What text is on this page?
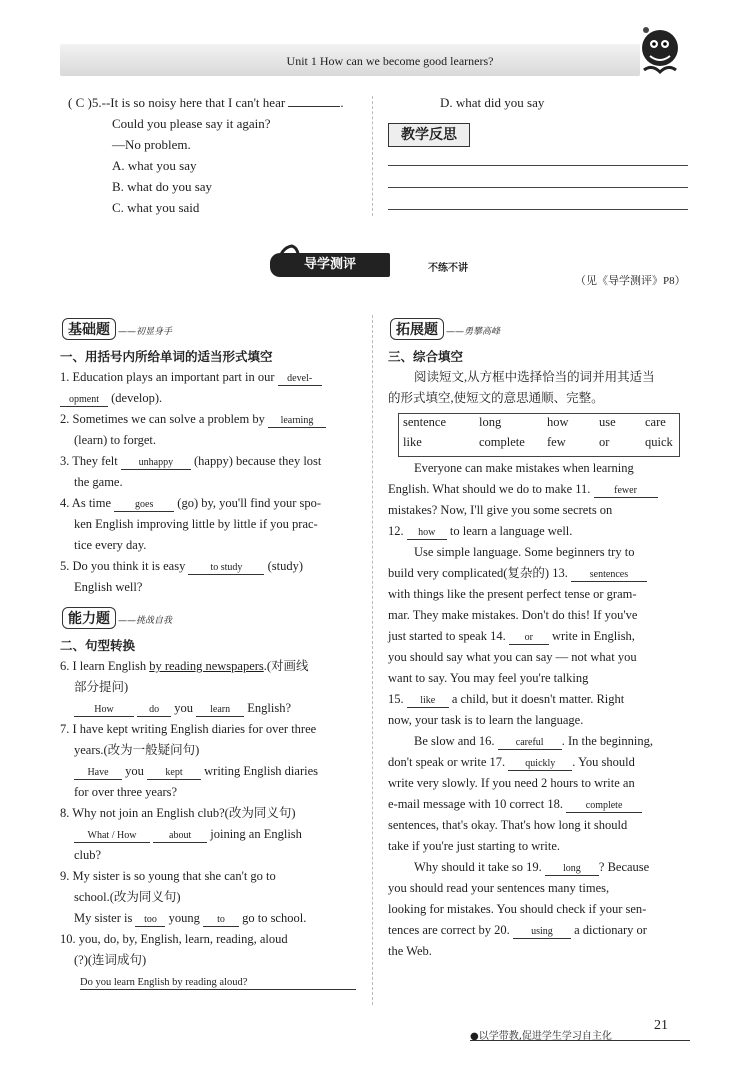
Unit 1 How can we become good learners?

( C )5.--It is so noisy here that I can't hear	.

Could you please say it again?

—No problem.

A. what you say

B. what do you say

C. what you said

D. what did you say
教学反思
导学测评	不练不讲
（见《导学测评》P8）
基础题 ——初显身手

一、用括号内所给单词的适当形式填空

1. Education plays an important part in our devel-

opment (develop).

2. Sometimes we can solve a problem by learning

(learn) to forget.

3. They felt unhappy (happy) because they lost

the game.

4. As time goes (go) by, you'll find your spo-

ken English improving little by little if you prac-

tice every day.

5. Do you think it is easy	to study (study)

English well?

能力题 ——挑战自我

二、句型转换

6. I learn English by reading newspapers.(对画线

部分提问)

How	do you learn English?

7. I have kept writing English diaries for over three

years.(改为一般疑问句)

Have you kept writing English diaries

for over three years?

8. Why not join an English club?(改为同义句)

What / How	about joining an English

club?

9. My sister is so young that she can't go to

school.(改为同义句)

My sister is too young to go to school.

10. you, do, by, English, learn, reading, aloud

(?)(连词成句)

Do you learn English by reading aloud?

拓展题 ——勇攀高峰

三、综合填空

阅读短文,从方框中选择恰当的词并用其适当

的形式填空,使短文的意思通顺、完整。

sentence	long	how use care
like	complete few	or	quick

Everyone can make mistakes when learning

English. What should we do to make 11. fewer

mistakes? Now, I'll give you some secrets on

12. how to learn a language well.

Use simple language. Some beginners try to

build very complicated(复杂的) 13. sentences

with things like the present perfect tense or gram-

mar. They make mistakes. Don't do this! If you've

just started to speak 14. or write in English,

you should say what you can say — not what you

want to say. You may feel you're talking

15. like a child, but it doesn't matter. Right

now, your task is to learn the language.

Be slow and 16. careful . In the beginning,

don't speak or write 17. quickly . You should

write very slowly. If you need 2 hours to write an

e-mail message with 10 correct 18. complete

sentences, that's okay. That's how long it should

take if you're just starting to write.

Why should it take so 19. long ? Because

you should read your sentences many times,

looking for mistakes. You should check if your sen-

tences are correct by 20. using a dictionary or

the Web.

●以学带教,促进学生学习自主化
21
